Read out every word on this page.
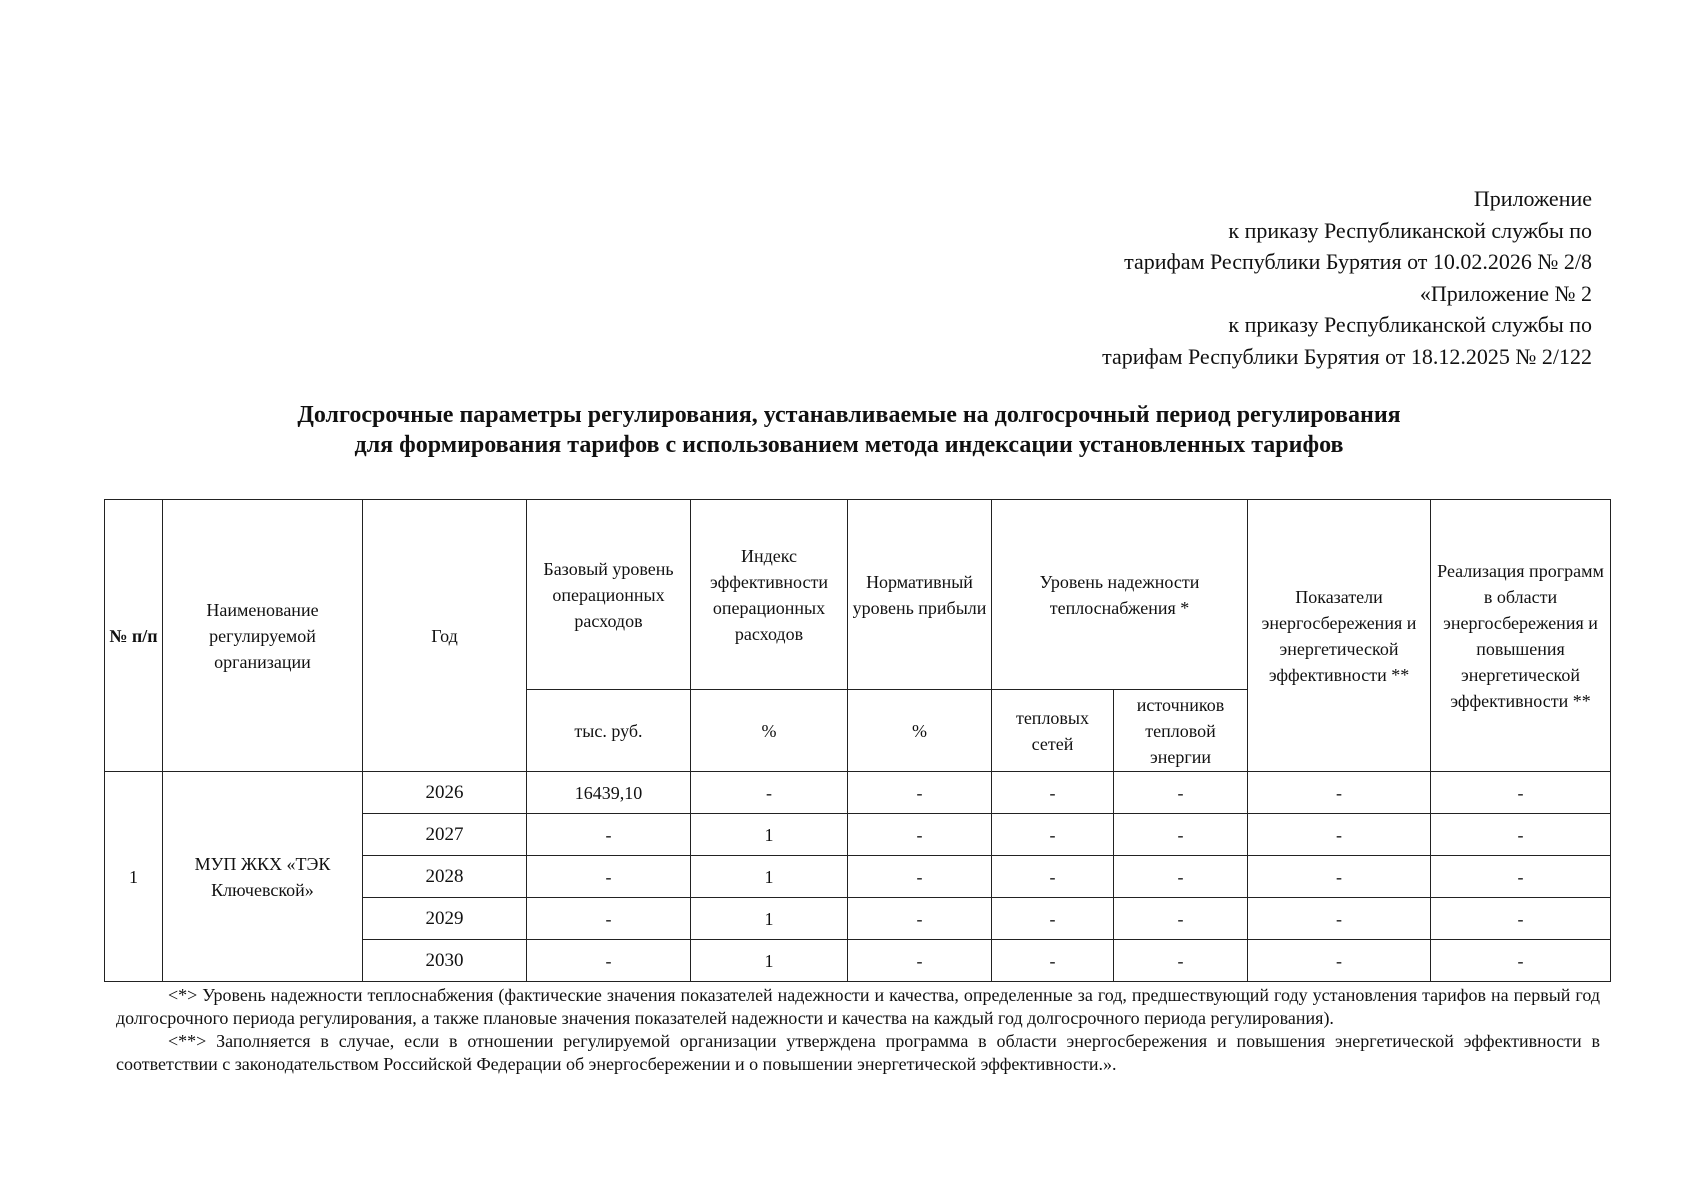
Приложение
к приказу Республиканской службы по
тарифам Республики Бурятия от 10.02.2026 № 2/8
«Приложение № 2
к приказу Республиканской службы по
тарифам Республики Бурятия от 18.12.2025 № 2/122
Долгосрочные параметры регулирования, устанавливаемые на долгосрочный период регулирования
для формирования тарифов с использованием метода индексации установленных тарифов
№ п/п	Наименование регулируемой организации	Год	Базовый уровень операционных расходов	Индекс эффективности операционных расходов	Нормативный уровень прибыли	Уровень надежности теплоснабжения *		Показатели энергосбережения и энергетической эффективности **	Реализация программ в области энергосбережения и повышения энергетической эффективности **
			тыс. руб.	%	%	тепловых сетей	источников тепловой энергии		
1	МУП ЖКХ «ТЭК Ключевской»	2026	16439,10	-	-	-	-	-	-
		2027	-	1	-	-	-	-	-
		2028	-	1	-	-	-	-	-
		2029	-	1	-	-	-	-	-
		2030	-	1	-	-	-	-	-

<*> Уровень надежности теплоснабжения (фактические значения показателей надежности и качества, определенные за год, предшествующий году установления тарифов на первый год долгосрочного периода регулирования, а также плановые значения показателей надежности и качества на каждый год долгосрочного периода регулирования).

<**> Заполняется в случае, если в отношении регулируемой организации утверждена программа в области энергосбережения и повышения энергетической эффективности в соответствии с законодательством Российской Федерации об энергосбережении и о повышении энергетической эффективности.».
